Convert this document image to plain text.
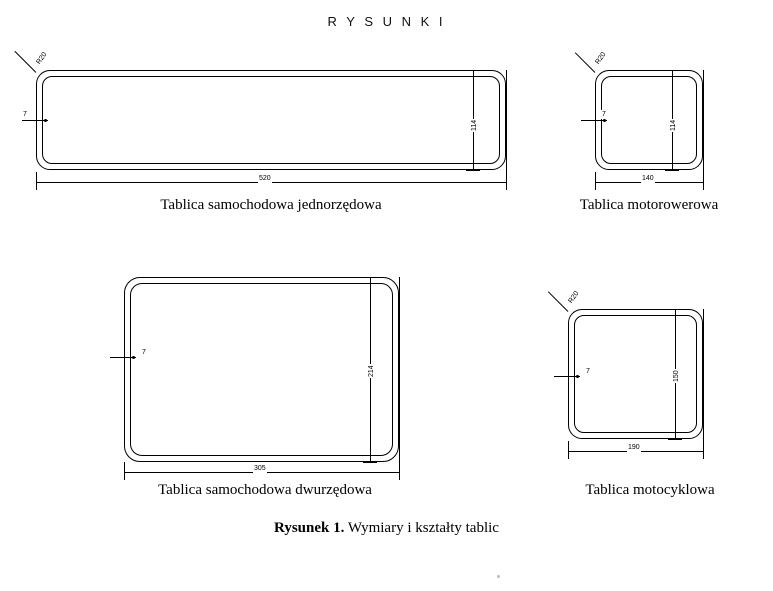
R Y S U N K I
R20
7
520
114
Tablica samochodowa jednorzędowa
R20
7
140
114
Tablica motorowerowa
7
305
214
Tablica samochodowa dwurzędowa
R20
7
190
150
Tablica motocyklowa
Rysunek 1. Wymiary i kształty tablic
